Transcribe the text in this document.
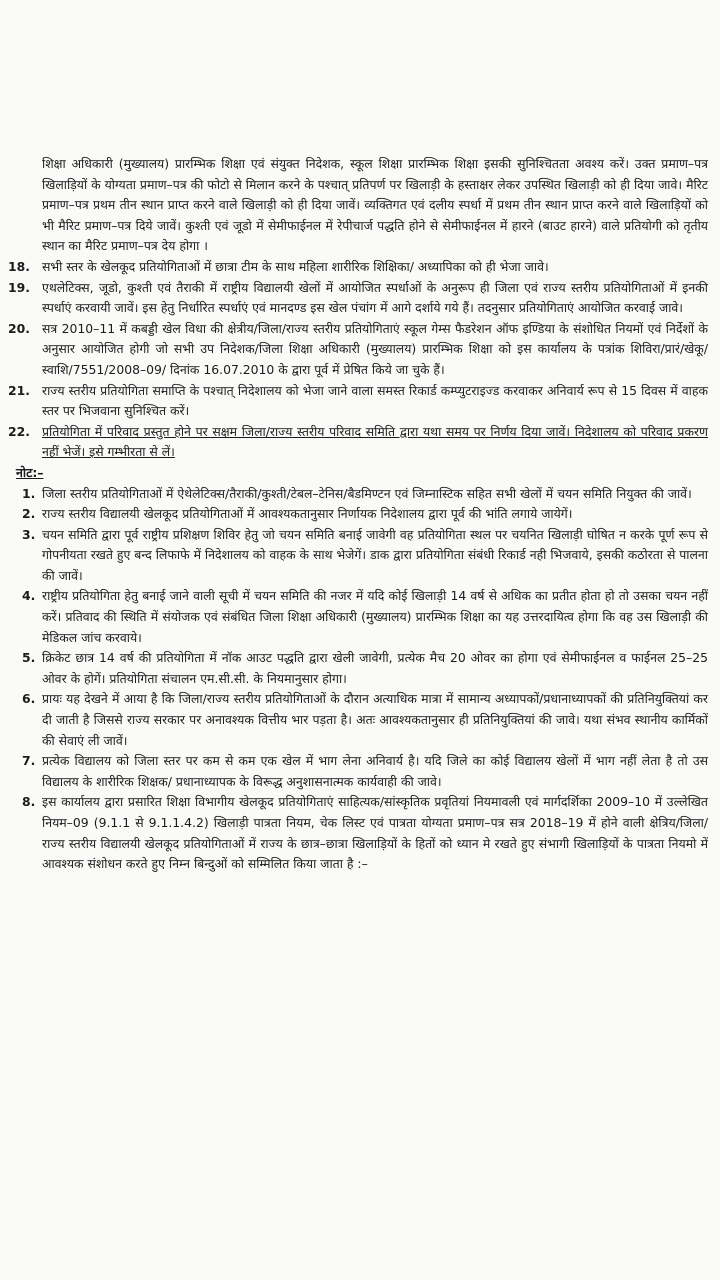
शिक्षा अधिकारी (मुख्यालय) प्रारम्भिक शिक्षा एवं संयुक्त निदेशक, स्कूल शिक्षा प्रारम्भिक शिक्षा इसकी सुनिश्चितता अवश्य करें। उक्त प्रमाण–पत्र खिलाड़ियों के योग्यता प्रमाण–पत्र की फोटो से मिलान करने के पश्चात् प्रतिपर्ण पर खिलाड़ी के हस्ताक्षर लेकर उपस्थित खिलाड़ी को ही दिया जावे। मैरिट प्रमाण–पत्र प्रथम तीन स्थान प्राप्त करने वाले खिलाड़ी को ही दिया जावें। व्यक्तिगत एवं दलीय स्पर्धा में प्रथम तीन स्थान प्राप्त करने वाले खिलाड़ियों को भी मैरिट प्रमाण–पत्र दिये जावें। कुश्ती एवं जूडो में सेमीफाईनल में रेपीचार्ज पद्धति होने से सेमीफाईनल में हारने (बाउट हारने) वाले प्रतियोगी को तृतीय स्थान का मैरिट प्रमाण–पत्र देय होगा ।
18. सभी स्तर के खेलकूद प्रतियोगिताओं में छात्रा टीम के साथ महिला शारीरिक शिक्षिका/ अध्यापिका को ही भेजा जावे।
19. एथलेटिक्स, जूडो, कुश्ती एवं तैराकी में राष्ट्रीय विद्यालयी खेलों में आयोजित स्पर्धाओं के अनुरूप ही जिला एवं राज्य स्तरीय प्रतियोगिताओं में इनकी स्पर्धाएं करवायी जावें। इस हेतु निर्धारित स्पर्धाएं एवं मानदण्ड इस खेल पंचांग में आगे दर्शाये गये हैं। तदनुसार प्रतियोगिताएं आयोजित करवाई जावे।
20. सत्र 2010–11 में कबड्डी खेल विधा की क्षेत्रीय/जिला/राज्य स्तरीय प्रतियोगिताएं स्कूल गेम्स फैडरेशन ऑफ इण्डिया के संशोधित नियमों एवं निर्देशों के अनुसार आयोजित होगी जो सभी उप निदेशक/जिला शिक्षा अधिकारी (मुख्यालय) प्रारम्भिक शिक्षा को इस कार्यालय के पत्रांक शिविरा/प्रारं/खेकू/स्वाशि/7551/2008–09/ दिनांक 16.07.2010 के द्वारा पूर्व में प्रेषित किये जा चुके हैं।
21. राज्य स्तरीय प्रतियोगिता समाप्ति के पश्चात् निदेशालय को भेजा जाने वाला समस्त रिकार्ड कम्प्युटराइज्ड करवाकर अनिवार्य रूप से 15 दिवस में वाहक स्तर पर भिजवाना सुनिश्चित करें।
22. प्रतियोगिता में परिवाद प्रस्तुत होने पर सक्षम जिला/राज्य स्तरीय परिवाद समिति द्वारा यथा समय पर निर्णय दिया जावें। निदेशालय को परिवाद प्रकरण नहीं भेजें। इसे गम्भीरता से लें।
नोट:–
1. जिला स्तरीय प्रतियोगिताओं में ऐथेलेटिक्स/तैराकी/कुश्ती/टेबल–टेनिस/बैडमिण्टन एवं जिम्नास्टिक सहित सभी खेलों में चयन समिति नियुक्त की जावें।
2. राज्य स्तरीय विद्यालयी खेलकूद प्रतियोगिताओं में आवश्यकतानुसार निर्णायक निदेशालय द्वारा पूर्व की भांति लगाये जायेगें।
3. चयन समिति द्वारा पूर्व राष्ट्रीय प्रशिक्षण शिविर हेतु जो चयन समिति बनाई जावेगी वह प्रतियोगिता स्थल पर चयनित खिलाड़ी घोषित न करके पूर्ण रूप से गोपनीयता रखते हुए बन्द लिफाफे में निदेशालय को वाहक के साथ भेजेगें। डाक द्वारा प्रतियोगिता संबंधी रिकार्ड नही भिजवाये, इसकी कठोरता से पालना की जावें।
4. राष्ट्रीय प्रतियोगिता हेतु बनाई जाने वाली सूची में चयन समिति की नजर में यदि कोई खिलाड़ी 14 वर्ष से अधिक का प्रतीत होता हो तो उसका चयन नहीं करें। प्रतिवाद की स्थिति में संयोजक एवं संबंधित जिला शिक्षा अधिकारी (मुख्यालय) प्रारम्भिक शिक्षा का यह उत्तरदायित्व होगा कि वह उस खिलाड़ी की मेडिकल जांच करवाये।
5. क्रिकेट छात्र 14 वर्ष की प्रतियोगिता में नॉक आउट पद्धति द्वारा खेली जावेगी, प्रत्येक मैच 20 ओवर का होगा एवं सेमीफाईनल व फाईनल 25–25 ओवर के होगें। प्रतियोगिता संचालन एम.सी.सी. के नियमानुसार होगा।
6. प्रायः यह देखने में आया है कि जिला/राज्य स्तरीय प्रतियोगिताओं के दौरान अत्याधिक मात्रा में सामान्य अध्यापकों/प्रधानाध्यापकों की प्रतिनियुक्तियां कर दी जाती है जिससे राज्य सरकार पर अनावश्यक वित्तीय भार पड़ता है। अतः आवश्यकतानुसार ही प्रतिनियुक्तियां की जावे। यथा संभव स्थानीय कार्मिकों की सेवाएं ली जावें।
7. प्रत्येक विद्यालय को जिला स्तर पर कम से कम एक खेल में भाग लेना अनिवार्य है। यदि जिले का कोई विद्यालय खेलों में भाग नहीं लेता है तो उस विद्यालय के शारीरिक शिक्षक/ प्रधानाध्यापक के विरूद्ध अनुशासनात्मक कार्यवाही की जावे।
8. इस कार्यालय द्वारा प्रसारित शिक्षा विभागीय खेलकूद प्रतियोगिताएं साहित्यक/सांस्कृतिक प्रवृतियां नियमावली एवं मार्गदर्शिका 2009–10 में उल्लेखित नियम–09 (9.1.1 से 9.1.1.4.2) खिलाड़ी पात्रता नियम, चेक लिस्ट एवं पात्रता योग्यता प्रमाण–पत्र सत्र 2018–19 में होने वाली क्षेत्रिय/जिला/राज्य स्तरीय विद्यालयी खेलकूद प्रतियोगिताओं में राज्य के छात्र–छात्रा खिलाड़ियों के हितों को ध्यान मे रखते हुए संभागी खिलाड़ियों के पात्रता नियमो में आवश्यक संशोधन करते हुए निम्न बिन्दुओं को सम्मिलित किया जाता है :–
